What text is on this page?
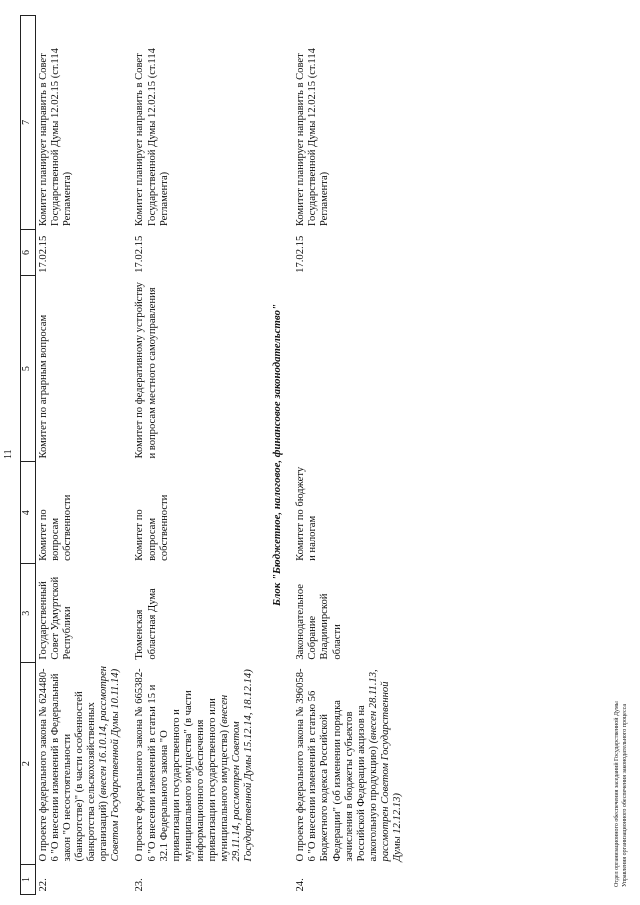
11
1	2	3	4	5	6	7
22.	О проекте федерального закона № 624480-6 "О внесении изменений в Федеральный закон "О несостоятельности (банкротстве)" (в части особенностей банкротства сельскохозяйственных организаций) (внесен 16.10.14, рассмотрен Советом Государственной Думы 10.11.14)	Государственный Совет Удмуртской Республики	Комитет по вопросам собственности	Комитет по аграрным вопросам	17.02.15	Комитет планирует направить в Совет Государственной Думы 12.02.15 (ст.114 Регламента)
23.	О проекте федерального закона № 665382-6 "О внесении изменений в статьи 15 и 32.1 Федерального закона "О приватизации государственного и муниципального имущества" (в части информационного обеспечения приватизации государственного или муниципального имущества) (внесен 29.11.14, рассмотрен Советом Государственной Думы 15.12.14, 18.12.14)	Тюменская областная Дума	Комитет по вопросам собственности	Комитет по федеративному устройству и вопросам местного самоуправления	17.02.15	Комитет планирует направить в Совет Государственной Думы 12.02.15 (ст.114 Регламента)
Блок "Бюджетное, налоговое, финансовое законодательство"						
24.	О проекте федерального закона № 396058-6 "О внесении изменений в статью 56 Бюджетного кодекса Российской Федерации" (об изменении порядка зачисления в бюджеты субъектов Российской Федерации акцизов на алкогольную продукцию) (внесен 28.11.13, рассмотрен Советом Государственной Думы 12.12.13)	Законодательное Собрание Владимирской области	Комитет по бюджету и налогам		17.02.15	Комитет планирует направить в Совет Государственной Думы 12.02.15 (ст.114 Регламента)
Отдел организационного обеспечения заседаний Государственной Думы Управления организационного обеспечения законодательного процесса
